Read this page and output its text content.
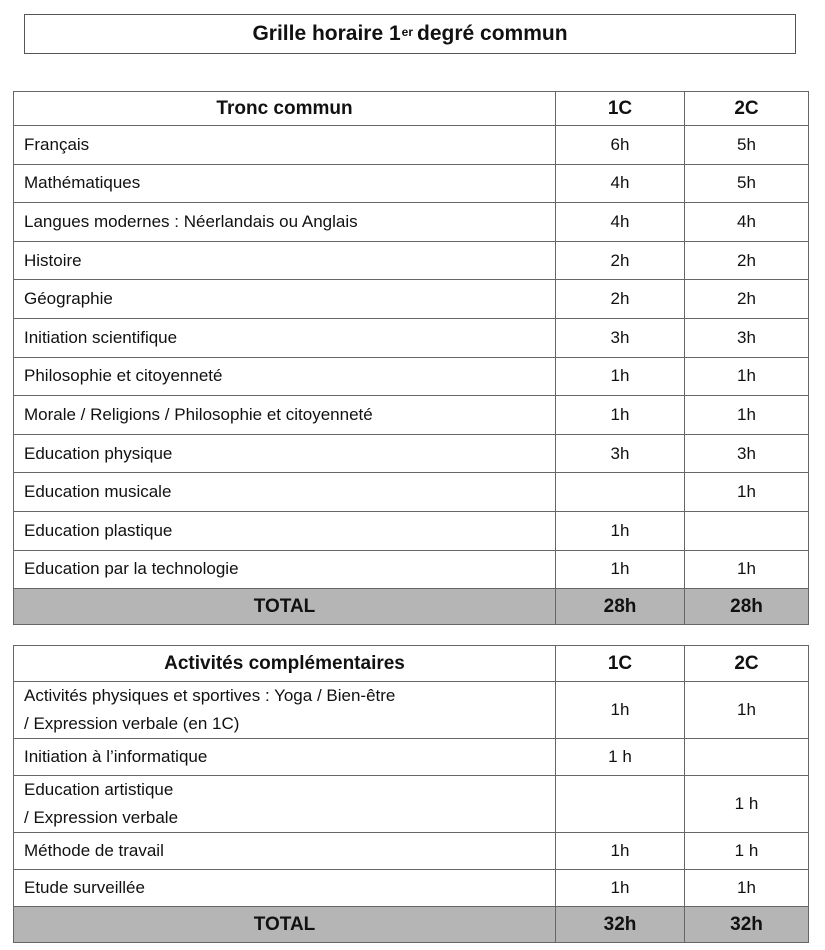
Grille horaire 1er degré commun
Tronc commun	1C	2C
Français	6h	5h
Mathématiques	4h	5h
Langues modernes : Néerlandais ou Anglais	4h	4h
Histoire	2h	2h
Géographie	2h	2h
Initiation scientifique	3h	3h
Philosophie et citoyenneté	1h	1h
Morale / Religions / Philosophie et citoyenneté	1h	1h
Education physique	3h	3h
Education musicale		1h
Education plastique	1h	
Education par la technologie	1h	1h
TOTAL	28h	28h
Activités complémentaires	1C	2C

Activités physiques et sportives : Yoga / Bien-être
/ Expression verbale (en 1C)	1h	1h
Initiation à l’informatique	1 h	

Education artistique
/ Expression verbale		1 h
Méthode de travail	1h	1 h
Etude surveillée	1h	1h
TOTAL	32h	32h
